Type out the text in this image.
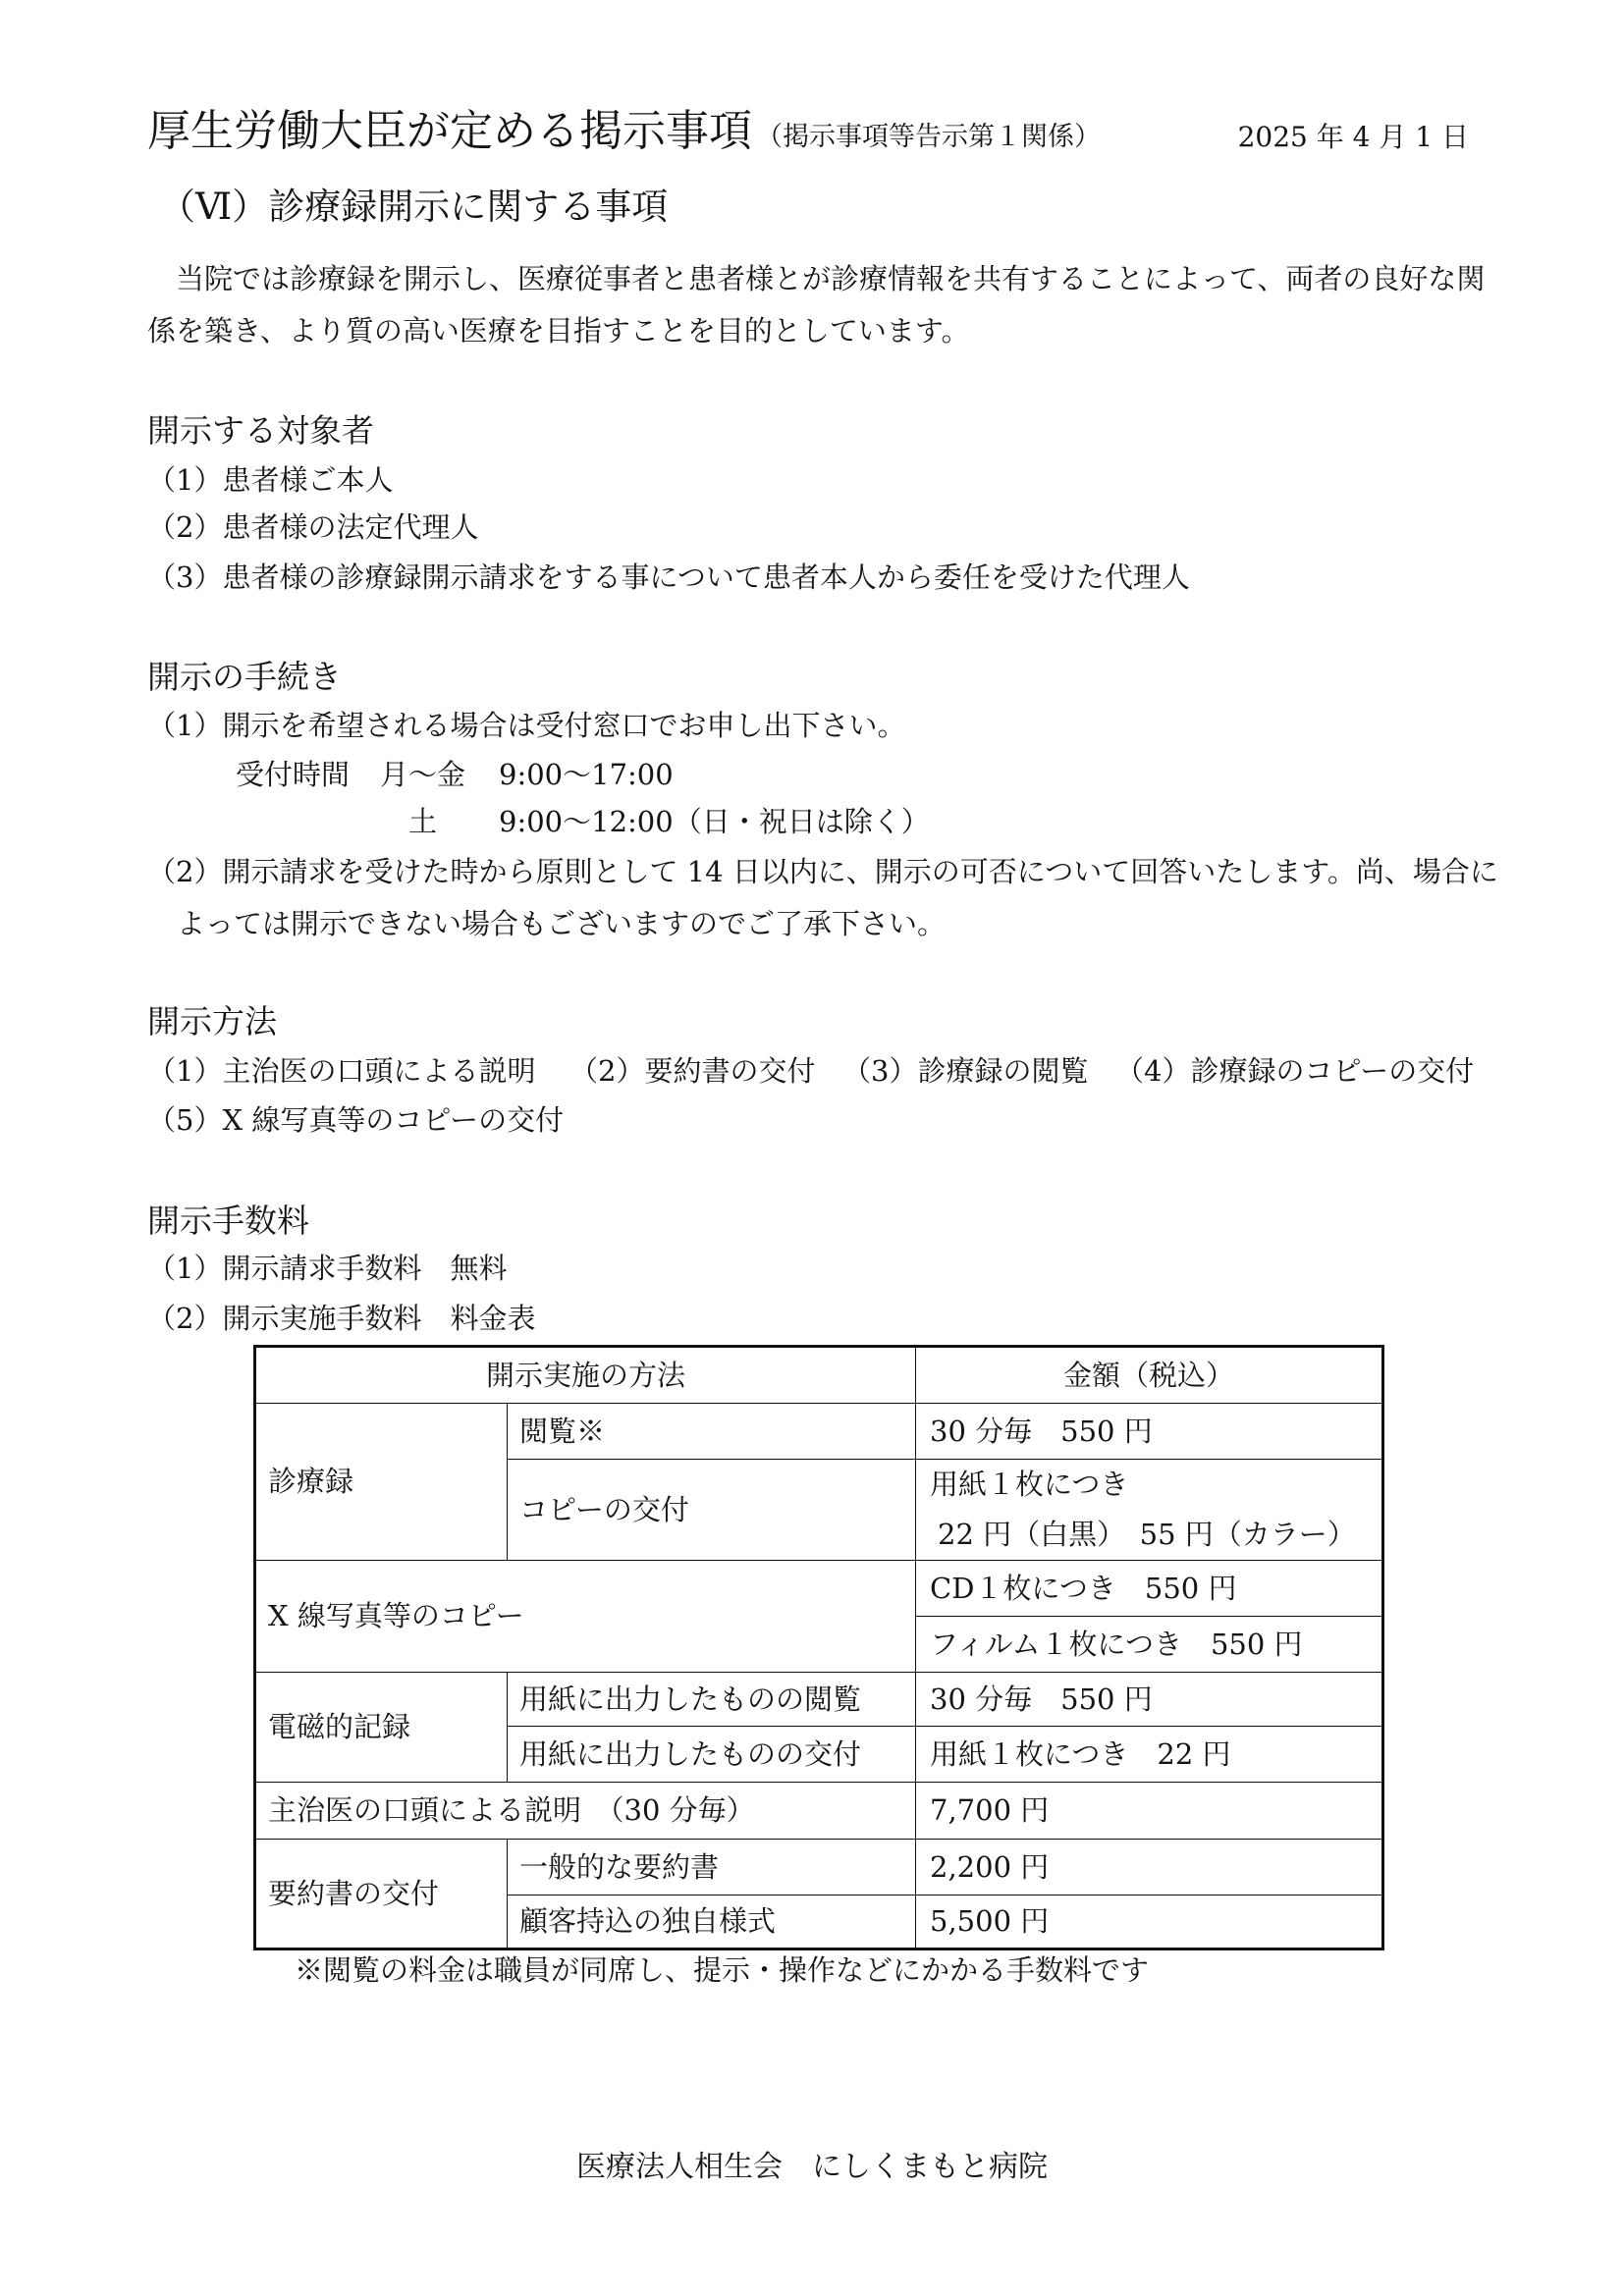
厚生労働大臣が定める掲示事項 （掲示事項等告示第１関係）	2025 年 4 月 1 日
（Ⅵ）診療録開示に関する事項
当院では診療録を開示し、医療従事者と患者様とが診療情報を共有することによって、両者の良好な関
係を築き、より質の高い医療を目指すことを目的としています。
開示する対象者
（1）患者様ご本人
（2）患者様の法定代理人
（3）患者様の診療録開示請求をする事について患者本人から委任を受けた代理人
開示の手続き
（1）開示を希望される場合は受付窓口でお申し出下さい。
受付時間 月～金 9:00～17:00
土 9:00～12:00（日・祝日は除く）
（2）開示請求を受けた時から原則として 14 日以内に、開示の可否について回答いたします。尚、場合に
よっては開示できない場合もございますのでご了承下さい。
開示方法
（1）主治医の口頭による説明 （2）要約書の交付 （3）診療録の閲覧 （4）診療録のコピーの交付
（5）X 線写真等のコピーの交付
開示手数料
（1）開示請求手数料　無料
（2）開示実施手数料　料金表
開示実施の方法		金額（税込）
診療録	閲覧※	30 分毎　550 円
	コピーの交付	用紙１枚につき
22 円（白黒）　55 円（カラー）

X 線写真等のコピー		CD１枚につき　550 円
		フィルム１枚につき　550 円
電磁的記録	用紙に出力したものの閲覧	30 分毎　550 円
	用紙に出力したものの交付	用紙１枚につき　22 円
主治医の口頭による説明　（30 分毎）		7,700 円
要約書の交付	一般的な要約書	2,200 円
	顧客持込の独自様式	5,500 円
※閲覧の料金は職員が同席し、提示・操作などにかかる手数料です
医療法人相生会　にしくまもと病院
